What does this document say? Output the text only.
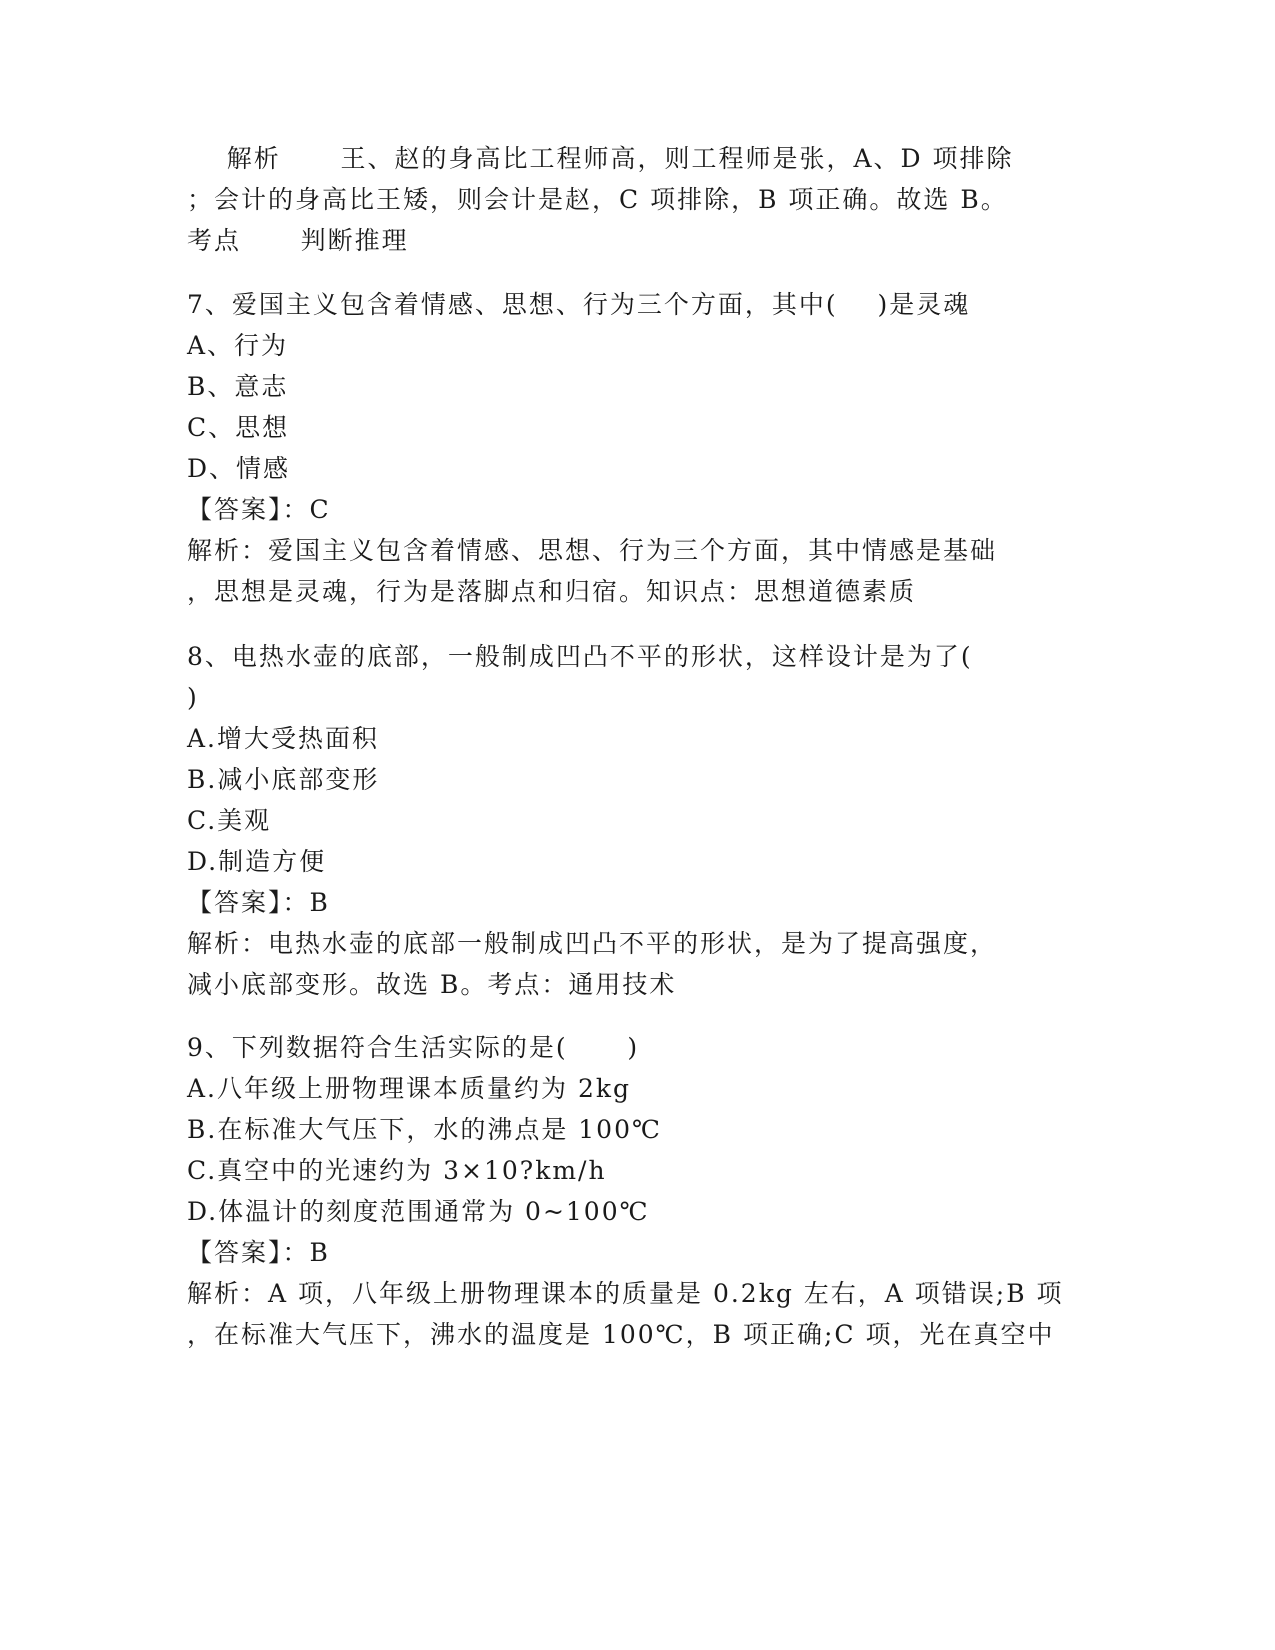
解析      王、赵的身高比工程师高，则工程师是张，A、D 项排除
；会计的身高比王矮，则会计是赵，C 项排除，B 项正确。故选 B。
考点      判断推理
7、爱国主义包含着情感、思想、行为三个方面，其中(    )是灵魂
A、行为
B、意志
C、思想
D、情感
【答案】：C
解析：爱国主义包含着情感、思想、行为三个方面，其中情感是基础
，思想是灵魂，行为是落脚点和归宿。知识点：思想道德素质
8、电热水壶的底部，一般制成凹凸不平的形状，这样设计是为了(
)
A.增大受热面积
B.减小底部变形
C.美观
D.制造方便
【答案】：B
解析：电热水壶的底部一般制成凹凸不平的形状，是为了提高强度，
减小底部变形。故选 B。考点：通用技术
9、下列数据符合生活实际的是(      )
A.八年级上册物理课本质量约为 2kg
B.在标准大气压下，水的沸点是 100℃
C.真空中的光速约为 3×10?km/h
D.体温计的刻度范围通常为 0~100℃
【答案】：B
解析：A 项，八年级上册物理课本的质量是 0.2kg 左右，A 项错误;B 项
，在标准大气压下，沸水的温度是 100℃，B 项正确;C 项，光在真空中
